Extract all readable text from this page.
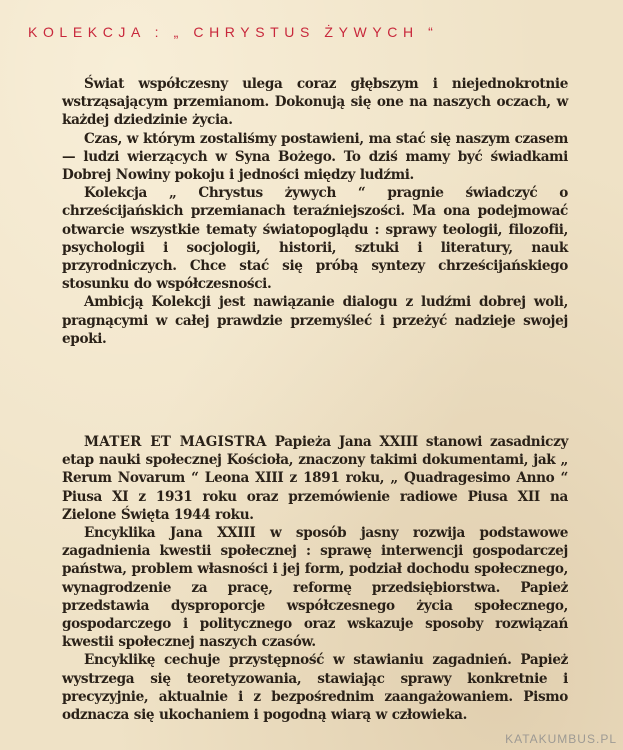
KOLEKCJA : „ CHRYSTUS ŻYWYCH “

Świat współczesny ulega coraz głębszym i niejednokrotnie wstrząsającym przemianom. Dokonują się one na naszych oczach, w każdej dziedzinie życia.

Czas, w którym zostaliśmy postawieni, ma stać się naszym czasem — ludzi wierzących w Syna Bożego. To dziś mamy być świadkami Dobrej Nowiny pokoju i jedności między ludźmi.

Kolekcja „ Chrystus żywych “ pragnie świadczyć o chrześcijańskich przemianach teraźniejszości. Ma ona podejmować otwarcie wszystkie tematy światopoglądu : sprawy teologii, filozofii, psychologii i socjologii, historii, sztuki i literatury, nauk przyrodniczych. Chce stać się próbą syntezy chrześcijańskiego stosunku do współczesności.

Ambicją Kolekcji jest nawiązanie dialogu z ludźmi dobrej woli, pragnącymi w całej prawdzie przemyśleć i przeżyć nadzieje swojej epoki.

MATER ET MAGISTRA Papieża Jana XXIII stanowi zasadniczy etap nauki społecznej Kościoła, znaczony takimi dokumentami, jak „ Rerum Novarum “ Leona XIII z 1891 roku, „ Quadragesimo Anno “ Piusa XI z 1931 roku oraz przemówienie radiowe Piusa XII na Zielone Święta 1944 roku.

Encyklika Jana XXIII w sposób jasny rozwija podstawowe zagadnienia kwestii społecznej : sprawę interwencji gospodarczej państwa, problem własności i jej form, podział dochodu społecznego, wynagrodzenie za pracę, reformę przedsiębiorstwa. Papież przedstawia dysproporcje współczesnego życia społecznego, gospodarczego i politycznego oraz wskazuje sposoby rozwiązań kwestii społecznej naszych czasów.

Encyklikę cechuje przystępność w stawianiu zagadnień. Papież wystrzega się teoretyzowania, stawiając sprawy konkretnie i precyzyjnie, aktualnie i z bezpośrednim zaangażowaniem. Pismo odznacza się ukochaniem i pogodną wiarą w człowieka.

KATAKUMBUS.PL
